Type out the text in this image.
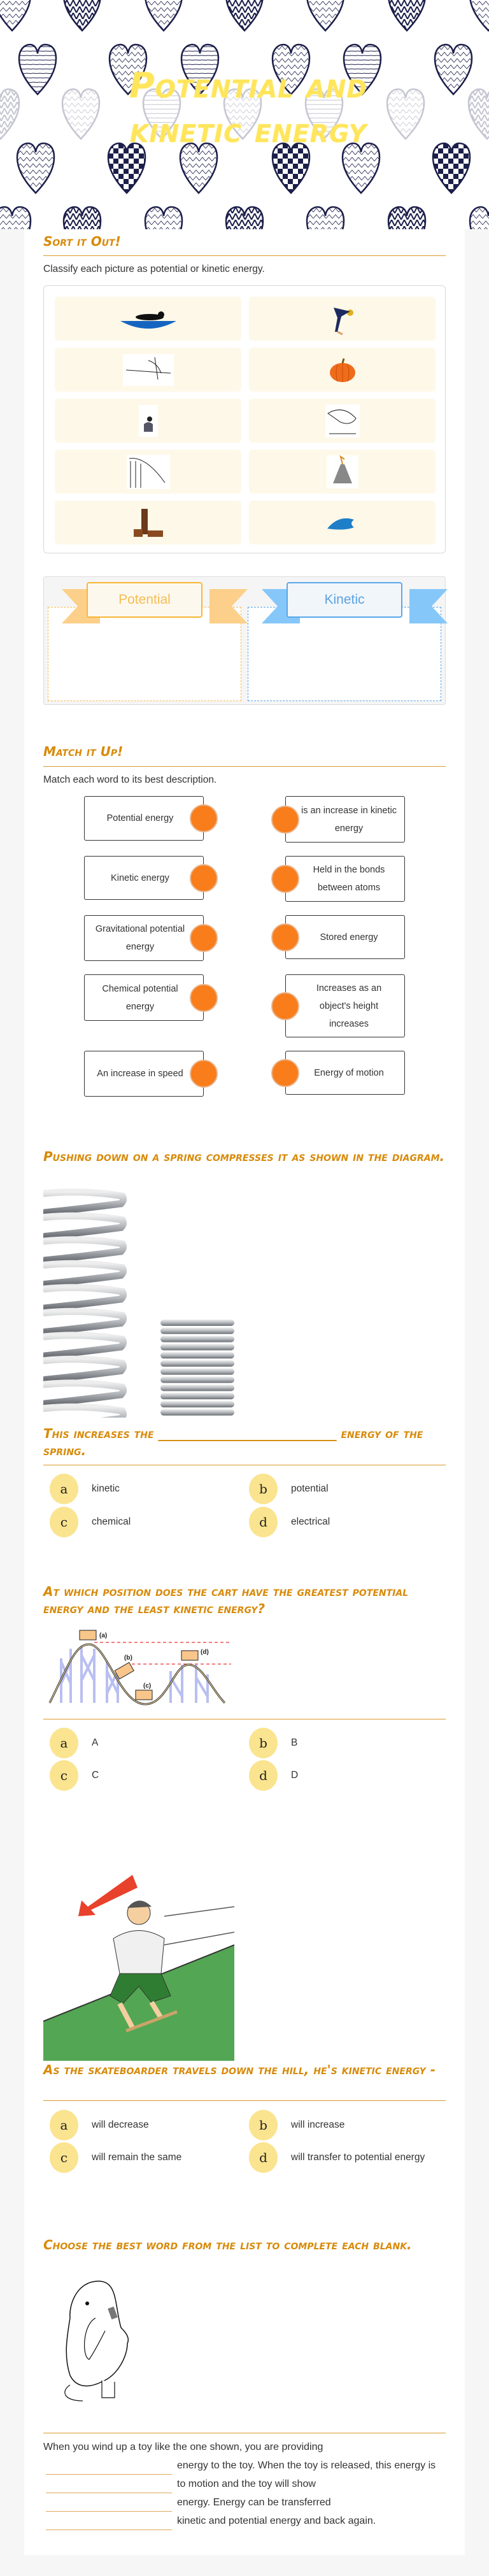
Potential and kinetic energy
Sort it Out!
Classify each picture as potential or kinetic energy.
Potential	Kinetic
Match it Up!
Match each word to its best description.
Potential energy
Kinetic energy
Gravitational potential energy
Chemical potential energy
An increase in speed
is an increase in kinetic energy
Held in the bonds between atoms
Stored energy
Increases as an object's height increases
Energy of motion
Pushing down on a spring compresses it as shown in the diagram.
This increases the ____________________________ energy of the spring.
a	kinetic	b	potential
c	chemical	d	electrical
At which position does the cart have the greatest potential energy and the least kinetic energy?
(a)
(b)
(c)
(d)
a	A	b	B
c	C	d	D
As the skateboarder travels down the hill, he's kinetic energy -
a	will decrease	b	will increase
c	will remain the same	d	will transfer to potential energy
Choose the best word from the list to complete each blank.
When you wind up a toy like the one shown, you are providing energy to the toy. When the toy is released, this energy is to motion and the toy will show energy. Energy can be transferred kinetic and potential energy and back again.
